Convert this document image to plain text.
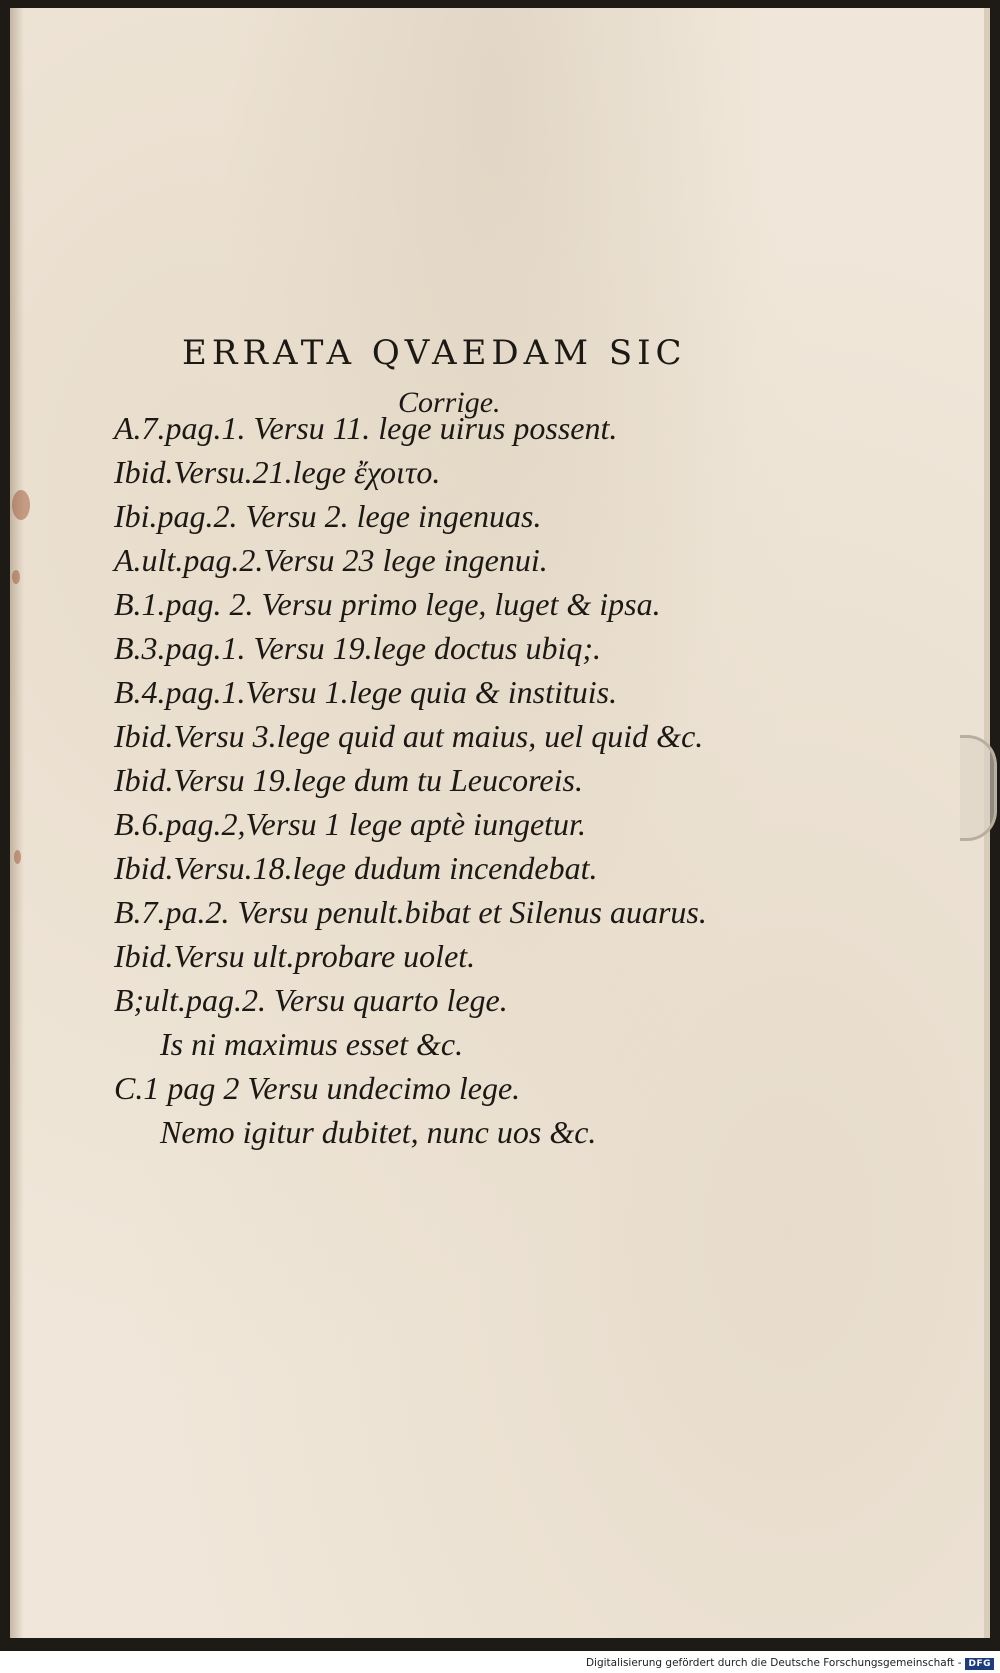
ERRATA QVAEDAM SIC
Corrige.
A.7.pag.1. Versu 11. lege uirus possent.
Ibid.Versu.21.lege ἔχοιτο.
Ibi.pag.2. Versu 2. lege ingenuas.
A.ult.pag.2.Versu 23 lege ingenui.
B.1.pag. 2. Versu primo lege, luget & ipsa.
B.3.pag.1. Versu 19.lege doctus ubiq;.
B.4.pag.1.Versu 1.lege quia & instituis.
Ibid.Versu 3.lege quid aut maius, uel quid &c.
Ibid.Versu 19.lege dum tu Leucoreis.
B.6.pag.2,Versu 1 lege aptè iungetur.
Ibid.Versu.18.lege dudum incendebat.
B.7.pa.2. Versu penult.bibat et Silenus auarus.
Ibid.Versu ult.probare uolet.
B;ult.pag.2. Versu quarto lege.
Is ni maximus esset &c.
C.1 pag 2 Versu undecimo lege.
Nemo igitur dubitet, nunc uos &c.
Digitalisierung gefördert durch die Deutsche Forschungsgemeinschaft - DFG
